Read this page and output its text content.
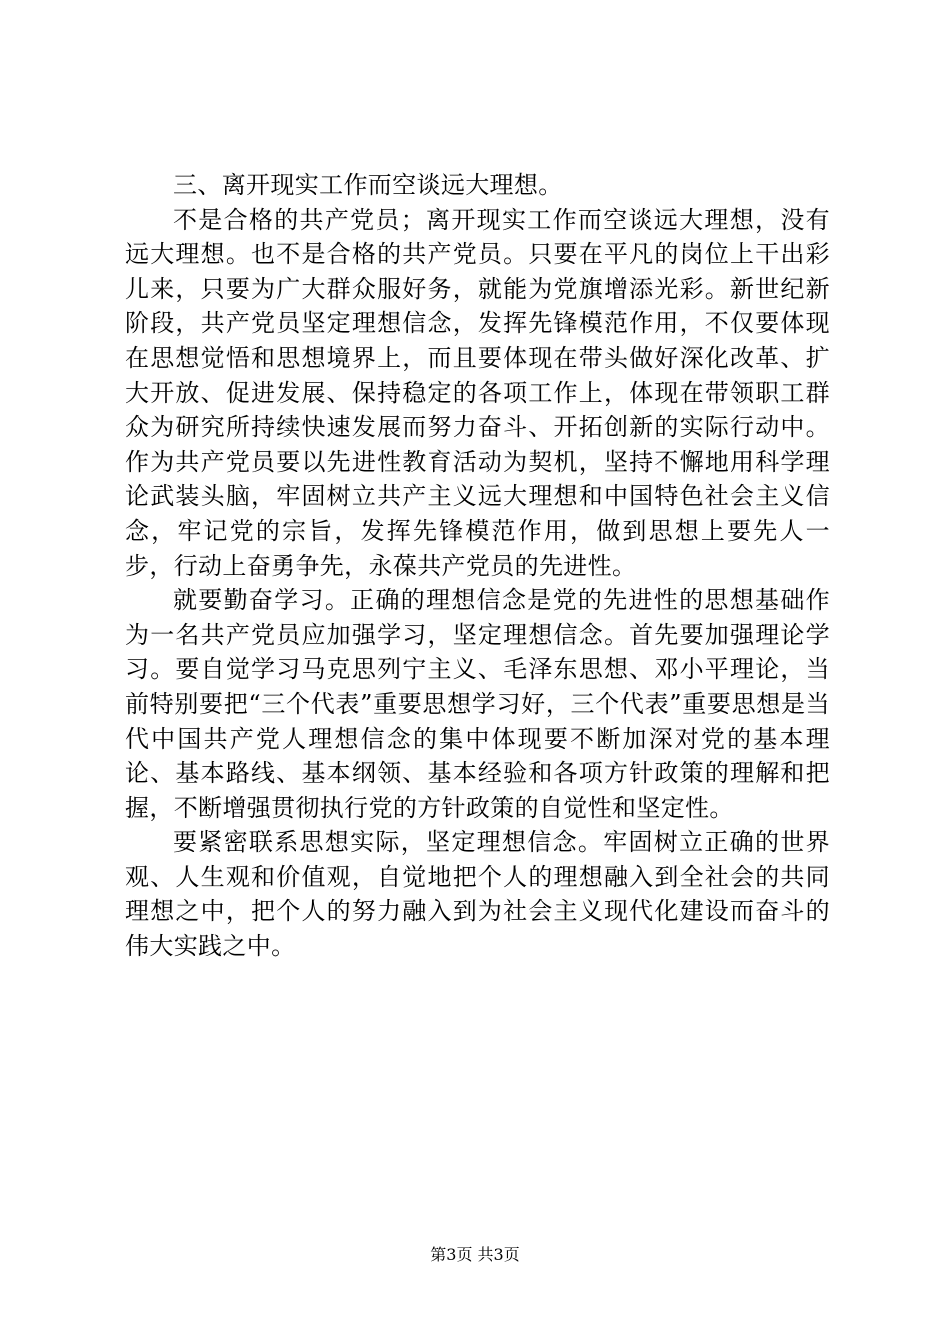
三、离开现实工作而空谈远大理想。

不是合格的共产党员；离开现实工作而空谈远大理想，没有远大理想。也不是合格的共产党员。只要在平凡的岗位上干出彩儿来，只要为广大群众服好务，就能为党旗增添光彩。新世纪新阶段，共产党员坚定理想信念，发挥先锋模范作用，不仅要体现在思想觉悟和思想境界上，而且要体现在带头做好深化改革、扩大开放、促进发展、保持稳定的各项工作上，体现在带领职工群众为研究所持续快速发展而努力奋斗、开拓创新的实际行动中。作为共产党员要以先进性教育活动为契机，坚持不懈地用科学理论武装头脑，牢固树立共产主义远大理想和中国特色社会主义信念，牢记党的宗旨，发挥先锋模范作用，做到思想上要先人一步，行动上奋勇争先，永葆共产党员的先进性。

就要勤奋学习。正确的理想信念是党的先进性的思想基础作为一名共产党员应加强学习，坚定理想信念。首先要加强理论学习。要自觉学习马克思列宁主义、毛泽东思想、邓小平理论，当前特别要把“三个代表”重要思想学习好，三个代表”重要思想是当代中国共产党人理想信念的集中体现要不断加深对党的基本理论、基本路线、基本纲领、基本经验和各项方针政策的理解和把握，不断增强贯彻执行党的方针政策的自觉性和坚定性。

要紧密联系思想实际，坚定理想信念。牢固树立正确的世界观、人生观和价值观，自觉地把个人的理想融入到全社会的共同理想之中，把个人的努力融入到为社会主义现代化建设而奋斗的伟大实践之中。

第3页 共3页
